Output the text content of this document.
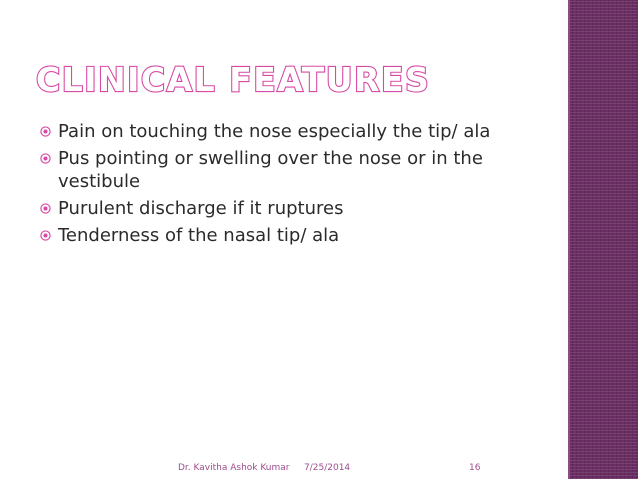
CLINICAL FEATURES
Pain on touching the nose especially the tip/ ala
Pus pointing or swelling over the nose or in the vestibule
Purulent discharge if it ruptures
Tenderness of the nasal tip/ ala
Dr. Kavitha Ashok Kumar 7/25/2014	16
